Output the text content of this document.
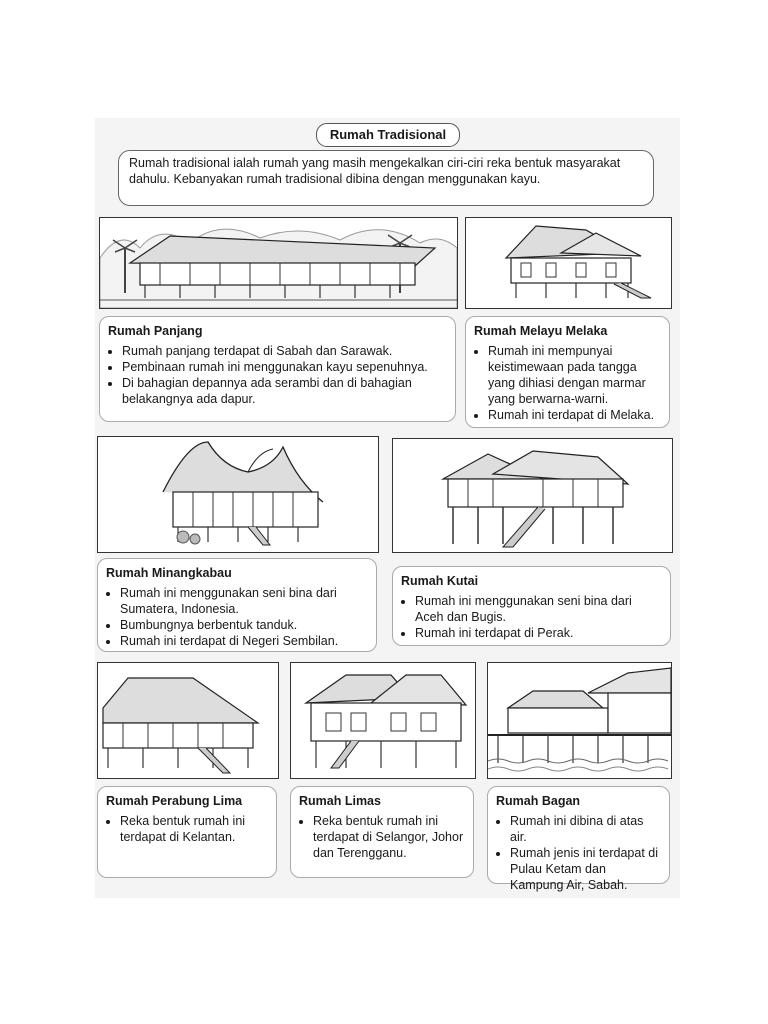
Rumah Tradisional
Rumah tradisional ialah rumah yang masih mengekalkan ciri-ciri reka bentuk masyarakat dahulu. Kebanyakan rumah tradisional dibina dengan menggunakan kayu.
Rumah Panjang
• Rumah panjang terdapat di Sabah dan Sarawak.
• Pembinaan rumah ini menggunakan kayu sepenuhnya.
• Di bahagian depannya ada serambi dan di bahagian belakangnya ada dapur.
Rumah Melayu Melaka
• Rumah ini mempunyai keistimewaan pada tangga yang dihiasi dengan marmar yang berwarna-warni.
• Rumah ini terdapat di Melaka.
Rumah Minangkabau
• Rumah ini menggunakan seni bina dari Sumatera, Indonesia.
• Bumbungnya berbentuk tanduk.
• Rumah ini terdapat di Negeri Sembilan.
Rumah Kutai
• Rumah ini menggunakan seni bina dari Aceh dan Bugis.
• Rumah ini terdapat di Perak.
Rumah Perabung Lima
• Reka bentuk rumah ini terdapat di Kelantan.
Rumah Limas
• Reka bentuk rumah ini terdapat di Selangor, Johor dan Terengganu.
Rumah Bagan
• Rumah ini dibina di atas air.
• Rumah jenis ini terdapat di Pulau Ketam dan Kampung Air, Sabah.
